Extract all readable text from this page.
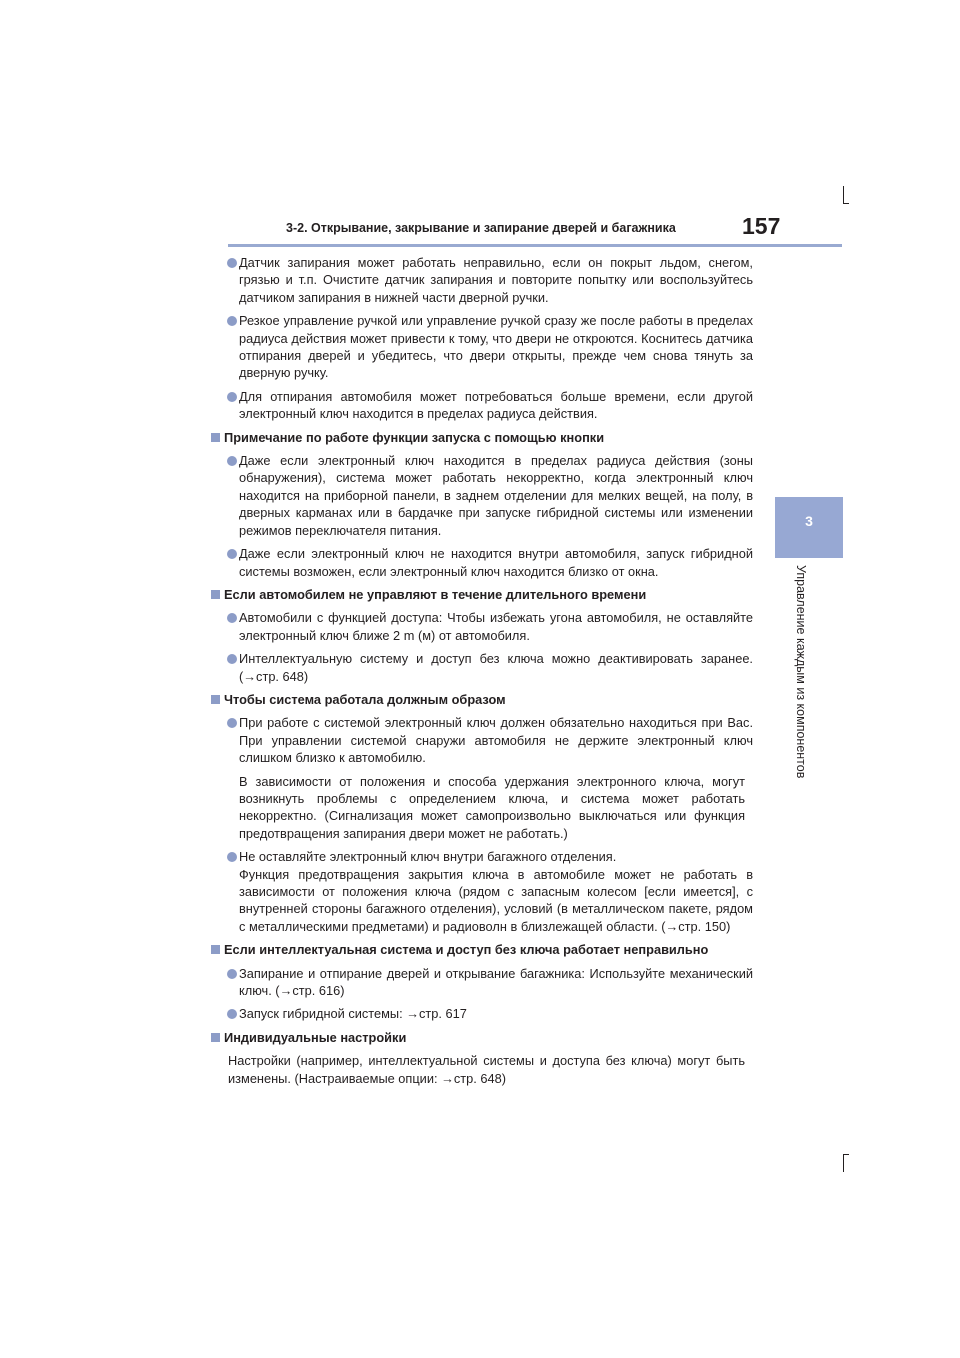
3-2. Открывание, закрывание и запирание дверей и багажника	157
3
Управление каждым из компонентов
Датчик запирания может работать неправильно, если он покрыт льдом, снегом, грязью и т.п. Очистите датчик запирания и повторите попытку или воспользуйтесь датчиком запирания в нижней части дверной ручки.
Резкое управление ручкой или управление ручкой сразу же после работы в пределах радиуса действия может привести к тому, что двери не откроются. Коснитесь датчика отпирания дверей и убедитесь, что двери открыты, прежде чем снова тянуть за дверную ручку.
Для отпирания автомобиля может потребоваться больше времени, если другой электронный ключ находится в пределах радиуса действия.
Примечание по работе функции запуска с помощью кнопки
Даже если электронный ключ находится в пределах радиуса действия (зоны обнаружения), система может работать некорректно, когда электронный ключ находится на приборной панели, в заднем отделении для мелких вещей, на полу, в дверных карманах или в бардачке при запуске гибридной системы или изменении режимов переключателя питания.
Даже если электронный ключ не находится внутри автомобиля, запуск гибридной системы возможен, если электронный ключ находится близко от окна.
Если автомобилем не управляют в течение длительного времени
Автомобили с функцией доступа: Чтобы избежать угона автомобиля, не оставляйте электронный ключ ближе 2 m (м) от автомобиля.
Интеллектуальную систему и доступ без ключа можно деактивировать заранее. (→стр. 648)
Чтобы система работала должным образом
При работе с системой электронный ключ должен обязательно находиться при Вас. При управлении системой снаружи автомобиля не держите электронный ключ слишком близко к автомобилю.
В зависимости от положения и способа удержания электронного ключа, могут возникнуть проблемы с определением ключа, и система может работать некорректно. (Сигнализация может самопроизвольно выключаться или функция предотвращения запирания двери может не работать.)
Не оставляйте электронный ключ внутри багажного отделения.
Функция предотвращения закрытия ключа в автомобиле может не работать в зависимости от положения ключа (рядом с запасным колесом [если имеется], с внутренней стороны багажного отделения), условий (в металлическом пакете, рядом с металлическими предметами) и радиоволн в близлежащей области. (→стр. 150)
Если интеллектуальная система и доступ без ключа работает неправильно
Запирание и отпирание дверей и открывание багажника: Используйте механический ключ. (→стр. 616)
Запуск гибридной системы: →стр. 617
Индивидуальные настройки
Настройки (например, интеллектуальной системы и доступа без ключа) могут быть изменены. (Настраиваемые опции: →стр. 648)
